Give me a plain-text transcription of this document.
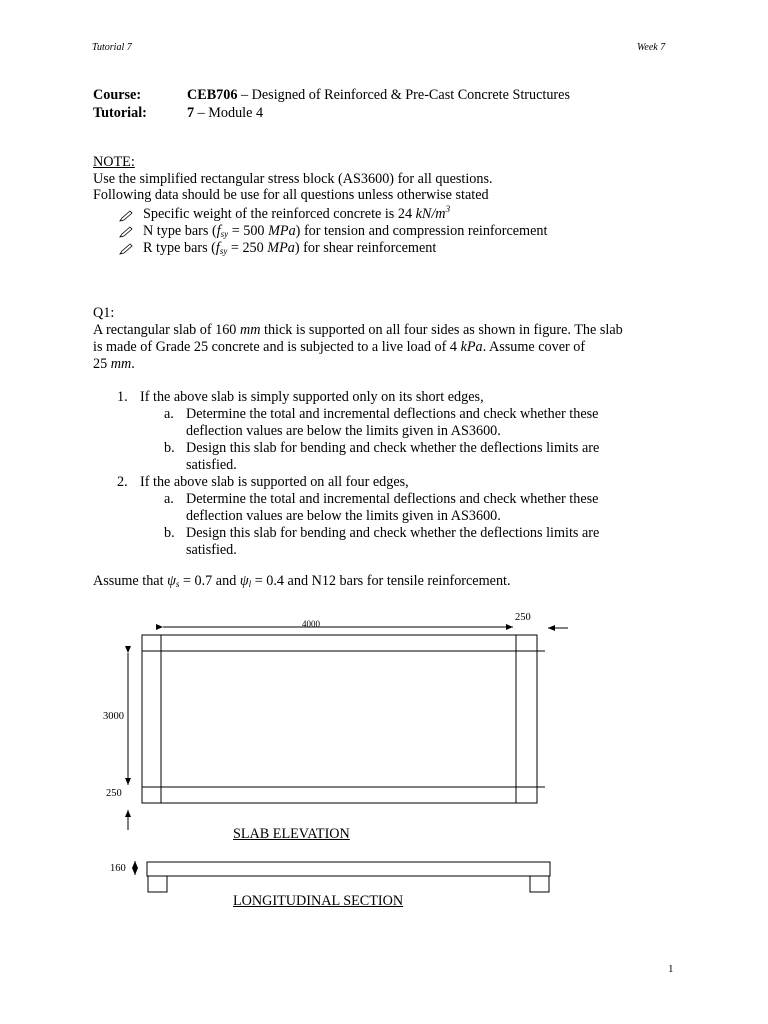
Tutorial 7	Week 7
Course:	CEB706 – Designed of Reinforced & Pre-Cast Concrete Structures
Tutorial:	7 – Module 4
NOTE:
Use the simplified rectangular stress block (AS3600) for all questions.
Following data should be use for all questions unless otherwise stated
Specific weight of the reinforced concrete is 24 $kN/m^3$
N type bars ($f_{sy} = 500$ MPa) for tension and compression reinforcement
R type bars ($f_{sy} = 250$ MPa) for shear reinforcement
Q1:
A rectangular slab of 160 mm thick is supported on all four sides as shown in figure. The slab
is made of Grade 25 concrete and is subjected to a live load of 4 kPa. Assume cover of
25 mm.
1. If the above slab is simply supported only on its short edges,
a. Determine the total and incremental deflections and check whether these
deflection values are below the limits given in AS3600.
b. Design this slab for bending and check whether the deflections limits are
satisfied.
2. If the above slab is supported on all four edges,
a. Determine the total and incremental deflections and check whether these
deflection values are below the limits given in AS3600.
b. Design this slab for bending and check whether the deflections limits are
satisfied.
Assume that $\psi_s = 0.7$ and $\psi_l = 0.4$ and N12 bars for tensile reinforcement.
4000
250
3000
250
SLAB ELEVATION
160
LONGITUDINAL SECTION
1
